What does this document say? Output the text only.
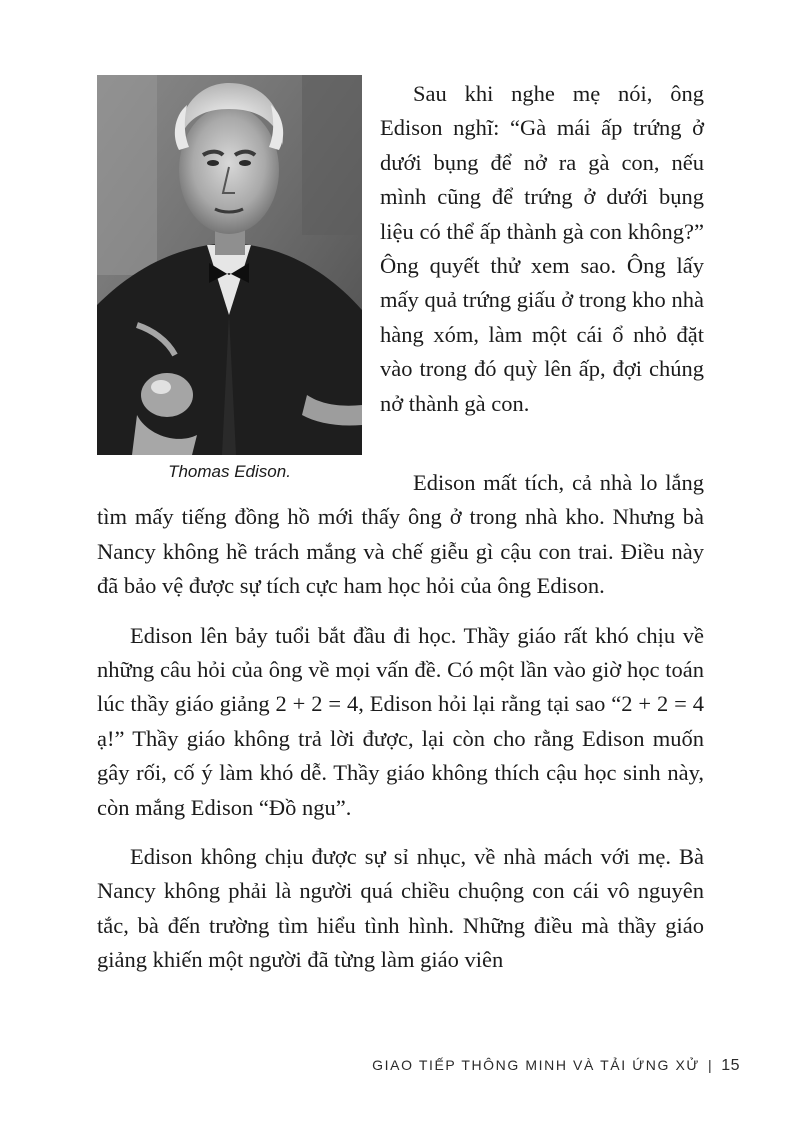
Thomas Edison.

Sau khi nghe mẹ nói, ông Edison nghĩ: “Gà mái ấp trứng ở dưới bụng để nở ra gà con, nếu mình cũng để trứng ở dưới bụng liệu có thể ấp thành gà con không?” Ông quyết thử xem sao. Ông lấy mấy quả trứng giấu ở trong kho nhà hàng xóm, làm một cái ổ nhỏ đặt vào trong đó quỳ lên ấp, đợi chúng nở thành gà con.

Edison mất tích, cả nhà lo lắng tìm mấy tiếng đồng hồ mới thấy ông ở trong nhà kho. Nhưng bà Nancy không hề trách mắng và chế giễu gì cậu con trai. Điều này đã bảo vệ được sự tích cực ham học hỏi của ông Edison.

Edison lên bảy tuổi bắt đầu đi học. Thầy giáo rất khó chịu về những câu hỏi của ông về mọi vấn đề. Có một lần vào giờ học toán lúc thầy giáo giảng 2 + 2 = 4, Edison hỏi lại rằng tại sao “2 + 2 = 4 ạ!” Thầy giáo không trả lời được, lại còn cho rằng Edison muốn gây rối, cố ý làm khó dễ. Thầy giáo không thích cậu học sinh này, còn mắng Edison “Đồ ngu”.

Edison không chịu được sự sỉ nhục, về nhà mách với mẹ. Bà Nancy không phải là người quá chiều chuộng con cái vô nguyên tắc, bà đến trường tìm hiểu tình hình. Những điều mà thầy giáo giảng khiến một người đã từng làm giáo viên

GIAO TIẾP THÔNG MINH VÀ TẢI ỨNG XỬ | 15
